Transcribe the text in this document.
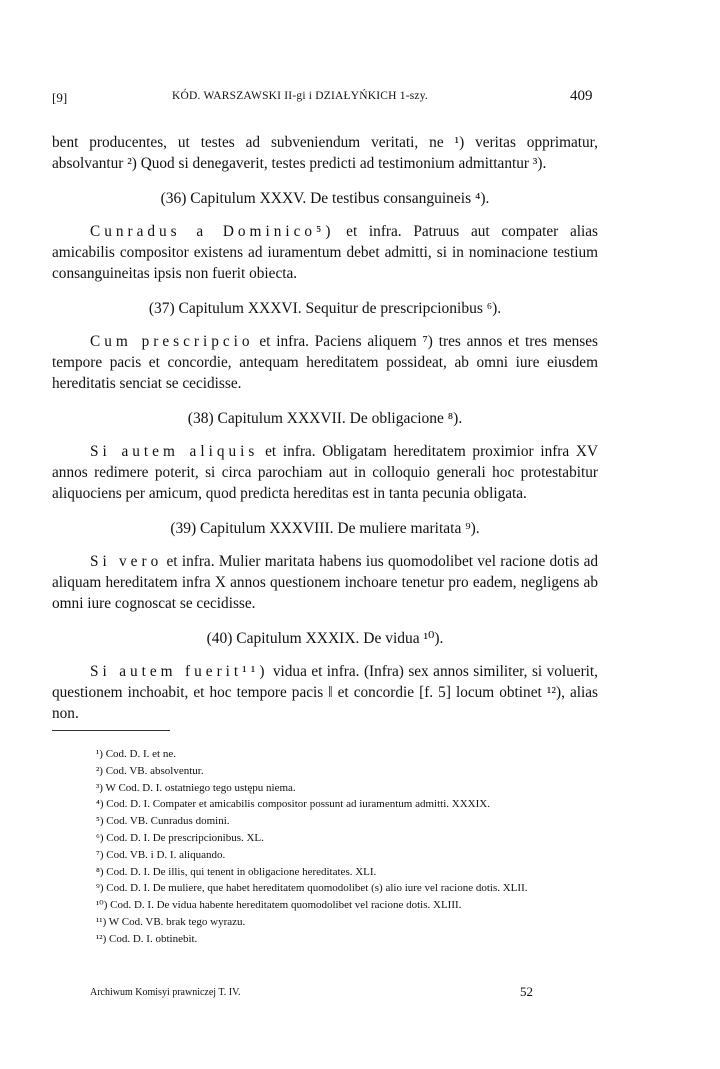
[9]	KÓD. WARSZAWSKI II-gi i DZIAŁYŃKICH 1-szy.	409

bent producentes, ut testes ad subveniendum veritati, ne ¹) veritas opprimatur, absolvantur ²) Quod si denegaverit, testes predicti ad testimonium admittantur ³).

(36) Capitulum XXXV. De testibus consanguineis ⁴).

Cunradus a Dominico⁵) et infra. Patruus aut compater alias amicabilis compositor existens ad iuramentum debet admitti, si in nominacione testium consanguineitas ipsis non fuerit obiecta.

(37) Capitulum XXXVI. Sequitur de prescripcionibus ⁶).

Cum prescripcio et infra. Paciens aliquem ⁷) tres annos et tres menses tempore pacis et concordie, antequam hereditatem possideat, ab omni iure eiusdem hereditatis senciat se cecidisse.

(38) Capitulum XXXVII. De obligacione ⁸).

Si autem aliquis et infra. Obligatam hereditatem proximior infra XV annos redimere poterit, si circa parochiam aut in colloquio generali hoc protestabitur aliquociens per amicum, quod predicta hereditas est in tanta pecunia obligata.

(39) Capitulum XXXVIII. De muliere maritata ⁹).

Si vero et infra. Mulier maritata habens ius quomodolibet vel racione dotis ad aliquam hereditatem infra X annos questionem inchoare tenetur pro eadem, negligens ab omni iure cognoscat se cecidisse.

(40) Capitulum XXXIX. De vidua ¹⁰).

Si autem fuerit¹¹) vidua et infra. (Infra) sex annos similiter, si voluerit, questionem inchoabit, et hoc tempore pacis ‖ et concordie [f. 5] locum obtinet ¹²), alias non.

¹) Cod. D. I. et ne.

²) Cod. VB. absolventur.

³) W Cod. D. I. ostatniego tego ustępu niema.

⁴) Cod. D. I. Compater et amicabilis compositor possunt ad iuramentum admitti. XXXIX.

⁵) Cod. VB. Cunradus domini.

⁶) Cod. D. I. De prescripcionibus. XL.

⁷) Cod. VB. i D. I. aliquando.

⁸) Cod. D. I. De illis, qui tenent in obligacione hereditates. XLI.

⁹) Cod. D. I. De muliere, que habet hereditatem quomodolibet (s) alio iure vel racione dotis. XLII.

¹⁰) Cod. D. I. De vidua habente hereditatem quomodolibet vel racione dotis. XLIII.

¹¹) W Cod. VB. brak tego wyrazu.

¹²) Cod. D. I. obtinebit.

Archiwum Komisyi prawniczej T. IV.	52
